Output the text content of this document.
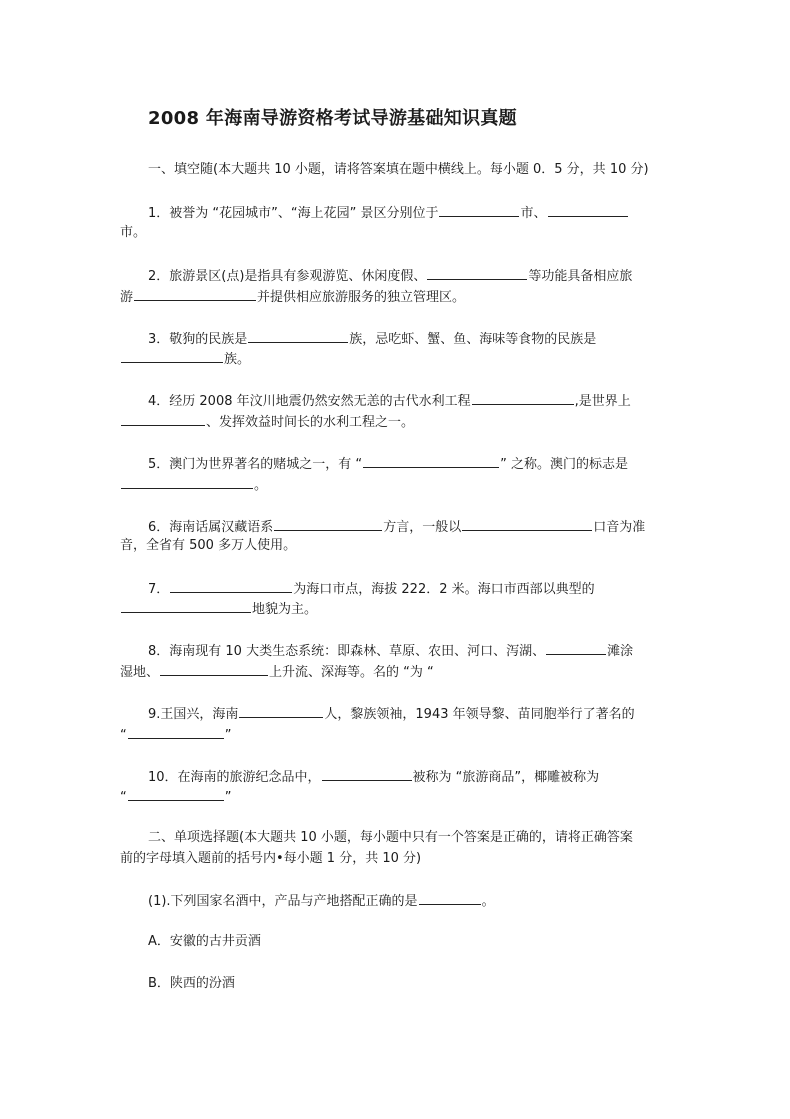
2008 年海南导游资格考试导游基础知识真题
一、填空随(本大题共 10 小题，请将答案填在题中横线上。每小题 0．5 分，共 10 分)
1．被誉为 “花园城市”、“海上花园” 景区分别位于	市、
市。
2．旅游景区(点)是指具有参观游览、休闲度假、	等功能具备相应旅
游	并提供相应旅游服务的独立管理区。
3．敬狗的民族是	族，忌吃虾、蟹、鱼、海味等食物的民族是
族。
4．经历 2008 年汶川地震仍然安然无恙的古代水利工程	,是世界上
、发挥效益时间长的水利工程之一。
5．澳门为世界著名的赌城之一，有 “	” 之称。澳门的标志是
。
6．海南话属汉藏语系	方言，一般以	口音为准
音，全省有 500 多万人使用。
7．	为海口市点，海拔 222．2 米。海口市西部以典型的
地貌为主。
8．海南现有 10 大类生态系统：即森林、草原、农田、河口、泻湖、	滩涂
湿地、	上升流、深海等。名的 “为 “
9.王国兴，海南	人，黎族领袖，1943 年领导黎、苗同胞举行了著名的
“	”
10．在海南的旅游纪念品中，	被称为 “旅游商品”，椰雕被称为
“	”
二、单项选择题(本大题共 10 小题，每小题中只有一个答案是正确的，请将正确答案
前的字母填入题前的括号内•每小题 1 分，共 10 分)
(1).下列国家名酒中，产品与产地搭配正确的是	。
A．安徽的古井贡酒
B．陕西的汾酒
